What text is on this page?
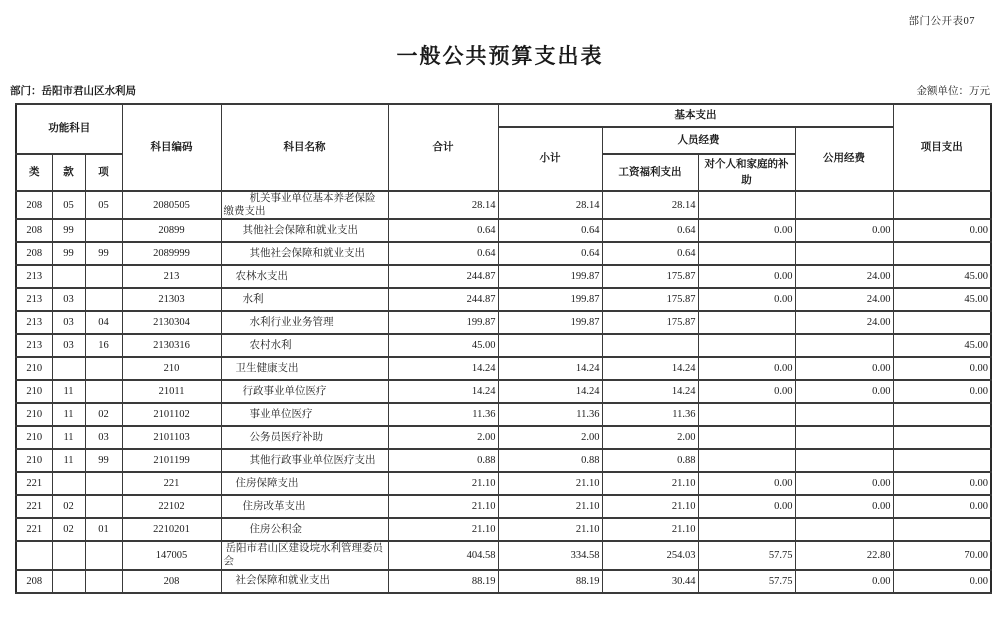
部门公开表07
一般公共预算支出表
部门：岳阳市君山区水利局	金额单位：万元
功能科目			科目编码	科目名称	合计	基本支出				项目支出
						小计	人员经费		公用经费	
类	款	项					工资福利支出	对个人和家庭的补助		
208	05	05	2080505	机关事业单位基本养老保险缴费支出	28.14	28.14	28.14			
208	99		20899	其他社会保障和就业支出	0.64	0.64	0.64	0.00	0.00	0.00
208	99	99	2089999	其他社会保障和就业支出	0.64	0.64	0.64			
213			213	农林水支出	244.87	199.87	175.87	0.00	24.00	45.00
213	03		21303	水利	244.87	199.87	175.87	0.00	24.00	45.00
213	03	04	2130304	水利行业业务管理	199.87	199.87	175.87		24.00	
213	03	16	2130316	农村水利	45.00					45.00
210			210	卫生健康支出	14.24	14.24	14.24	0.00	0.00	0.00
210	11		21011	行政事业单位医疗	14.24	14.24	14.24	0.00	0.00	0.00
210	11	02	2101102	事业单位医疗	11.36	11.36	11.36			
210	11	03	2101103	公务员医疗补助	2.00	2.00	2.00			
210	11	99	2101199	其他行政事业单位医疗支出	0.88	0.88	0.88			
221			221	住房保障支出	21.10	21.10	21.10	0.00	0.00	0.00
221	02		22102	住房改革支出	21.10	21.10	21.10	0.00	0.00	0.00
221	02	01	2210201	住房公积金	21.10	21.10	21.10			
			147005	岳阳市君山区建设垸水利管理委员会	404.58	334.58	254.03	57.75	22.80	70.00
208			208	社会保障和就业支出	88.19	88.19	30.44	57.75	0.00	0.00
